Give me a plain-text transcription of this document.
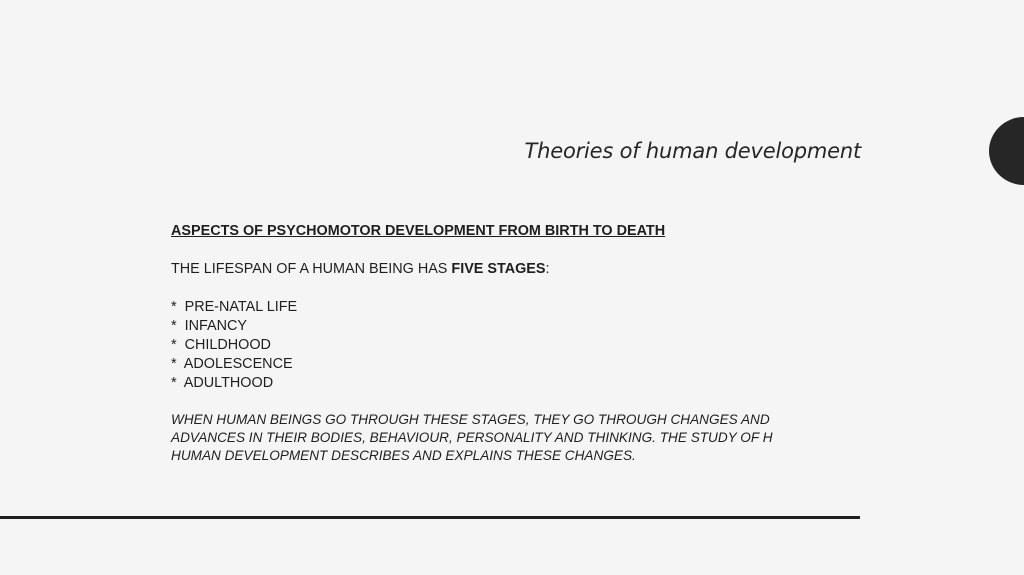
Theories of human development

ASPECTS OF PSYCHOMOTOR DEVELOPMENT FROM BIRTH TO DEATH

THE LIFESPAN OF A HUMAN BEING HAS FIVE STAGES:
*  PRE-NATAL LIFE
*  INFANCY
*  CHILDHOOD
*  ADOLESCENCE
*  ADULTHOOD
WHEN HUMAN BEINGS GO THROUGH THESE STAGES, THEY GO THROUGH CHANGES AND
ADVANCES IN THEIR BODIES, BEHAVIOUR, PERSONALITY AND THINKING. THE STUDY OF H
HUMAN DEVELOPMENT DESCRIBES AND EXPLAINS THESE CHANGES.
